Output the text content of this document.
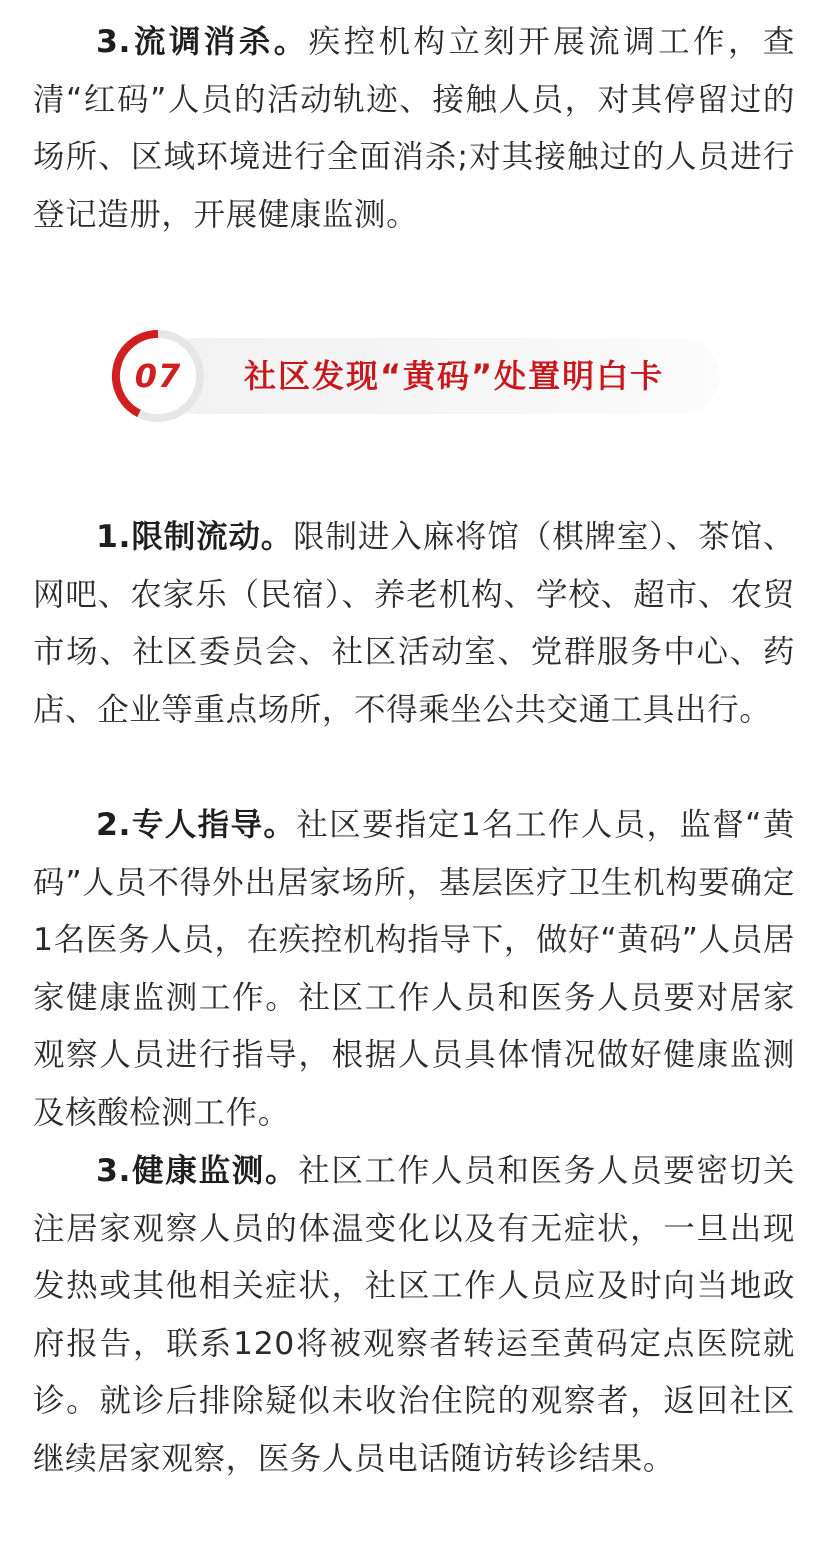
3.流调消杀。疾控机构立刻开展流调工作，查清“红码”人员的活动轨迹、接触人员，对其停留过的场所、区域环境进行全面消杀;对其接触过的人员进行登记造册，开展健康监测。

07	社区发现“黄码”处置明白卡

1.限制流动。限制进入麻将馆（棋牌室）、茶馆、网吧、农家乐（民宿）、养老机构、学校、超市、农贸市场、社区委员会、社区活动室、党群服务中心、药店、企业等重点场所，不得乘坐公共交通工具出行。

2.专人指导。社区要指定1名工作人员，监督“黄码”人员不得外出居家场所，基层医疗卫生机构要确定1名医务人员，在疾控机构指导下，做好“黄码”人员居家健康监测工作。社区工作人员和医务人员要对居家观察人员进行指导，根据人员具体情况做好健康监测及核酸检测工作。

3.健康监测。社区工作人员和医务人员要密切关注居家观察人员的体温变化以及有无症状，一旦出现发热或其他相关症状，社区工作人员应及时向当地政府报告，联系120将被观察者转运至黄码定点医院就诊。就诊后排除疑似未收治住院的观察者，返回社区继续居家观察，医务人员电话随访转诊结果。
